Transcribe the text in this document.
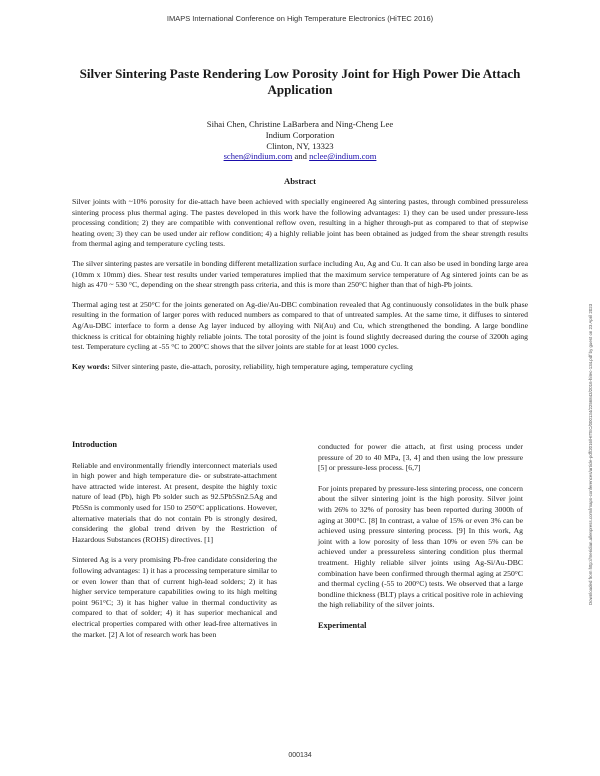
IMAPS International Conference on High Temperature Electronics (HiTEC 2016)
Downloaded from http://meridian.allenpress.com/imaps-conferences/article-pdf/2016/HITEC/000134/2256843/2016-hitec-134.pdf by guest on 23 April 2023
Silver Sintering Paste Rendering Low Porosity Joint for High Power Die Attach Application
Sihai Chen, Christine LaBarbera and Ning-Cheng Lee
Indium Corporation
Clinton, NY, 13323
schen@indium.com and nclee@indium.com
Abstract

Silver joints with ~10% porosity for die-attach have been achieved with specially engineered Ag sintering pastes, through combined pressureless sintering process plus thermal aging. The pastes developed in this work have the following advantages: 1) they can be used under pressure-less processing condition; 2) they are compatible with conventional reflow oven, resulting in a higher through-put as compared to that of stepwise heating oven; 3) they can be used under air reflow condition; 4) a highly reliable joint has been obtained as judged from the shear strength results from thermal aging and temperature cycling tests.

The silver sintering pastes are versatile in bonding different metallization surface including Au, Ag and Cu. It can also be used in bonding large area (10mm x 10mm) dies. Shear test results under varied temperatures implied that the maximum service temperature of Ag sintered joints can be as high as 470 ~ 530 °C, depending on the shear strength pass criteria, and this is more than 250°C higher than that of high-Pb joints.

Thermal aging test at 250°C for the joints generated on Ag-die/Au-DBC combination revealed that Ag continuously consolidates in the bulk phase resulting in the formation of larger pores with reduced numbers as compared to that of untreated samples. At the same time, it diffuses to sintered Ag/Au-DBC interface to form a dense Ag layer induced by alloying with Ni(Au) and Cu, which strengthened the bonding. A large bondline thickness is critical for obtaining highly reliable joints. The total porosity of the joint is found slightly decreased during the course of 3200h aging test. Temperature cycling at -55 °C to 200°C shows that the silver joints are stable for at least 1000 cycles.

Key words: Silver sintering paste, die-attach, porosity, reliability, high temperature aging, temperature cycling

Introduction

Reliable and environmentally friendly interconnect materials used in high power and high temperature die- or substrate-attachment have attracted wide interest. At present, despite the highly toxic nature of lead (Pb), high Pb solder such as 92.5Pb5Sn2.5Ag and Pb5Sn is commonly used for 150 to 250°C applications. However, alternative materials that do not contain Pb is strongly desired, considering the global trend driven by the Restriction of Hazardous Substances (ROHS) directives. [1]

Sintered Ag is a very promising Pb-free candidate considering the following advantages: 1) it has a processing temperature similar to or even lower than that of current high-lead solders; 2) it has higher service temperature capabilities owing to its high melting point 961°C; 3) it has higher value in thermal conductivity as compared to that of solder; 4) it has superior mechanical and electrical properties compared with other lead-free alternatives in the market. [2] A lot of research work has been

conducted for power die attach, at first using process under pressure of 20 to 40 MPa, [3, 4] and then using the low pressure [5] or pressure-less process. [6,7]

For joints prepared by pressure-less sintering process, one concern about the silver sintering joint is the high porosity. Silver joint with 26% to 32% of porosity has been reported during 3000h of aging at 300°C. [8] In contrast, a value of 15% or even 3% can be achieved using pressure sintering process. [9] In this work, Ag joint with a low porosity of less than 10% or even 5% can be achieved under a pressureless sintering condition plus thermal treatment. Highly reliable silver joints using Ag-Si/Au-DBC combination have been confirmed through thermal aging at 250°C and thermal cycling (-55 to 200°C) tests. We observed that a large bondline thickness (BLT) plays a critical positive role in achieving the high reliability of the silver joints.

Experimental
000134
